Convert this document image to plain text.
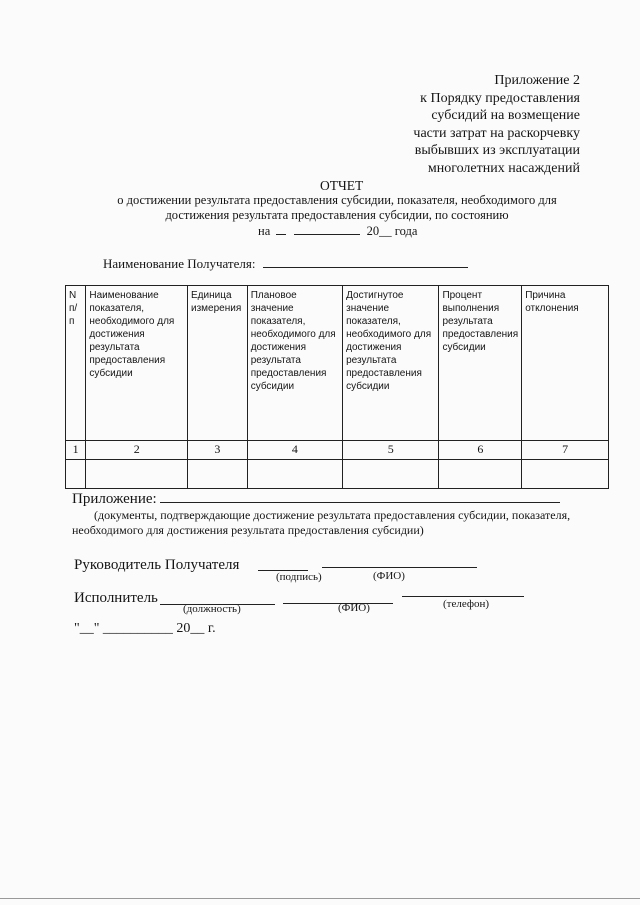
Приложение 2
к Порядку предоставления
субсидий на возмещение
части затрат на раскорчевку
выбывших из эксплуатации
многолетних насаждений
ОТЧЕТ
о достижении результата предоставления субсидии, показателя, необходимого для
достижения результата предоставления субсидии, по состоянию
на	20__ года
Наименование Получателя:
N п/п	Наименование показателя, необходимого для достижения результата предоставления субсидии	Единица измерения	Плановое значение показателя, необходимого для достижения результата предоставления субсидии	Достигнутое значение показателя, необходимого для достижения результата предоставления субсидии	Процент выполнения результата предоставления субсидии	Причина отклонения
1	2	3	4	5	6	7

Приложение:
(документы, подтверждающие достижение результата предоставления субсидии, показателя, необходимого для достижения результата предоставления субсидии)
Руководитель Получателя
(подпись)	(ФИО)
Исполнитель
(должность)	(ФИО)	(телефон)
"__" __________ 20__ г.
